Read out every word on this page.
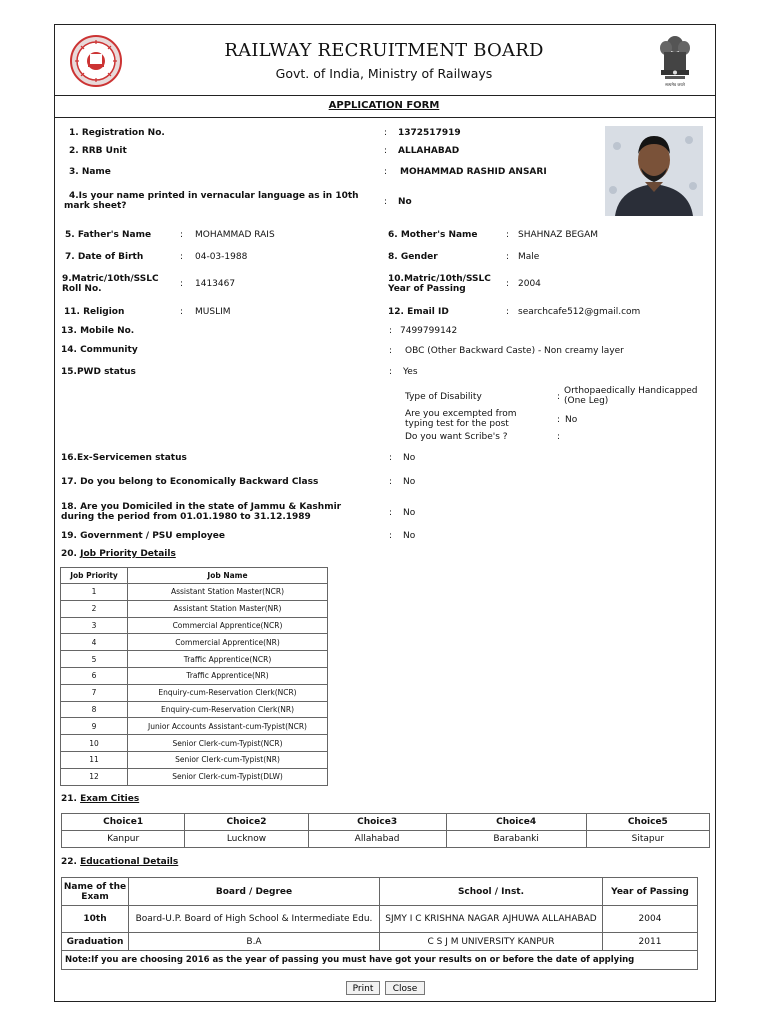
सत्यमेव जयते
RAILWAY RECRUITMENT BOARD
Govt. of India, Ministry of Railways
APPLICATION FORM
1. Registration No.	: 1372517919
2. RRB Unit	: ALLAHABAD
3. Name	: MOHAMMAD RASHID ANSARI
4.Is your name printed in vernacular language as in 10th
mark sheet?	: No
5. Father's Name	: MOHAMMAD RAIS	6. Mother's Name	: SHAHNAZ BEGAM
7. Date of Birth	: 04-03-1988	8. Gender	: Male
9.Matric/10th/SSLC
Roll No.	: 1413467	10.Matric/10th/SSLC
Year of Passing	: 2004
11. Religion	: MUSLIM	12. Email ID	: searchcafe512@gmail.com
13. Mobile No.	: 7499799142
14. Community	: OBC (Other Backward Caste) - Non creamy layer
15.PWD status	: Yes
Type of Disability	:
Orthopaedically Handicapped
(One Leg)
Are you excempted from
typing test for the post	: No
Do you want Scribe's ?	:
16.Ex-Servicemen status	: No
17. Do you belong to Economically Backward Class	: No
18. Are you Domiciled in the state of Jammu & Kashmir
during the period from 01.01.1980 to 31.12.1989	: No
19. Government / PSU employee	: No
20. Job Priority Details
Job Priority	Job Name
1	Assistant Station Master(NCR)
2	Assistant Station Master(NR)
3	Commercial Apprentice(NCR)
4	Commercial Apprentice(NR)
5	Traffic Apprentice(NCR)
6	Traffic Apprentice(NR)
7	Enquiry-cum-Reservation Clerk(NCR)
8	Enquiry-cum-Reservation Clerk(NR)
9	Junior Accounts Assistant-cum-Typist(NCR)
10	Senior Clerk-cum-Typist(NCR)
11	Senior Clerk-cum-Typist(NR)
12	Senior Clerk-cum-Typist(DLW)
21. Exam Cities
Choice1	Choice2	Choice3	Choice4	Choice5
Kanpur	Lucknow	Allahabad	Barabanki	Sitapur
22. Educational Details
Name of the Exam	Board / Degree	School / Inst.	Year of Passing
10th	Board-U.P. Board of High School & Intermediate Edu.	SJMY I C KRISHNA NAGAR AJHUWA ALLAHABAD	2004
Graduation	B.A	C S J M UNIVERSITY KANPUR	2011
Note:If you are choosing 2016 as the year of passing you must have got your results on or before the date of applying			
Print	Close
